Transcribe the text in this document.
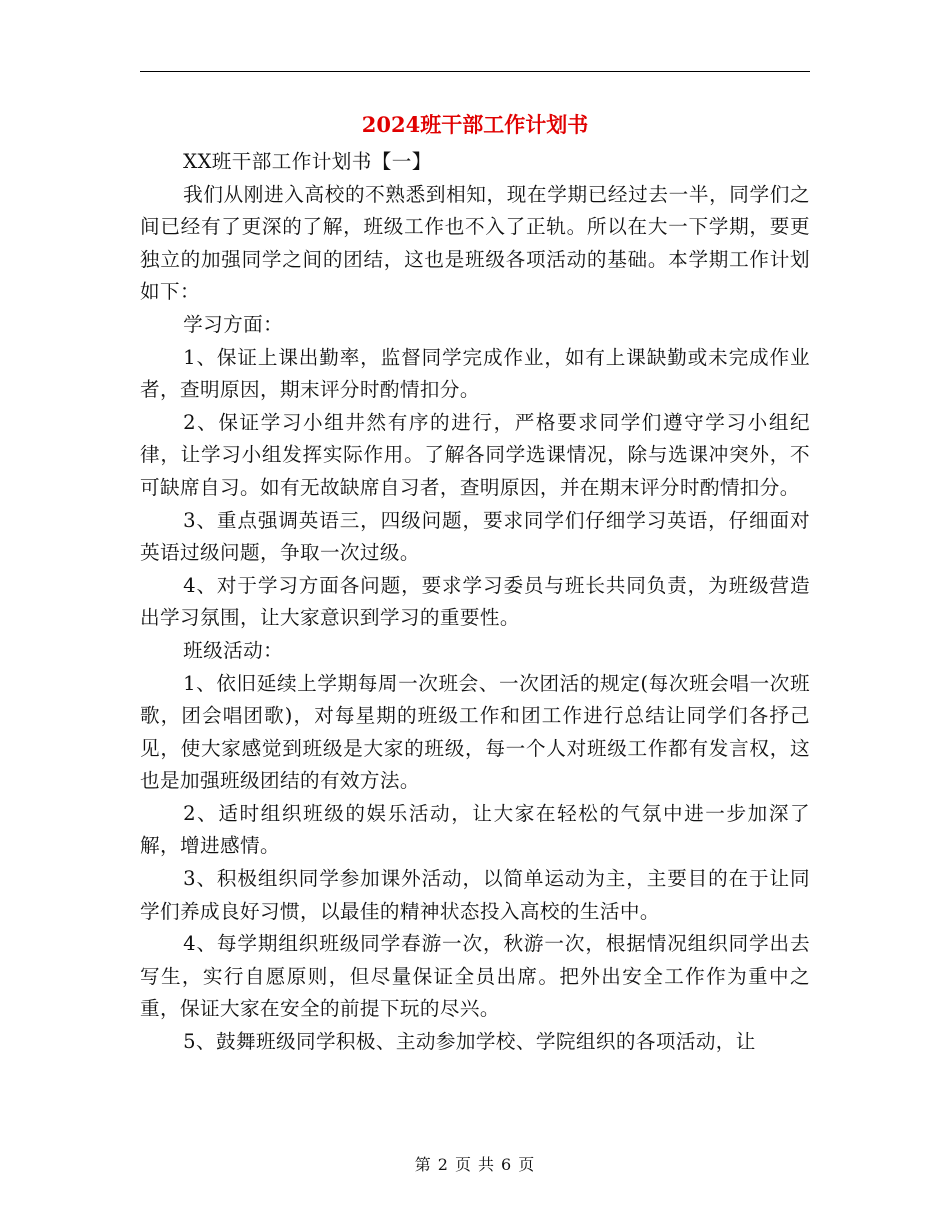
2024班干部工作计划书

XX班干部工作计划书【一】

我们从刚进入高校的不熟悉到相知，现在学期已经过去一半，同学们之间已经有了更深的了解，班级工作也不入了正轨。所以在大一下学期，要更独立的加强同学之间的团结，这也是班级各项活动的基础。本学期工作计划如下：

学习方面：

1、保证上课出勤率，监督同学完成作业，如有上课缺勤或未完成作业者，查明原因，期末评分时酌情扣分。

2、保证学习小组井然有序的进行，严格要求同学们遵守学习小组纪律，让学习小组发挥实际作用。了解各同学选课情况，除与选课冲突外，不可缺席自习。如有无故缺席自习者，查明原因，并在期末评分时酌情扣分。

3、重点强调英语三，四级问题，要求同学们仔细学习英语，仔细面对英语过级问题，争取一次过级。

4、对于学习方面各问题，要求学习委员与班长共同负责，为班级营造出学习氛围，让大家意识到学习的重要性。

班级活动：

1、依旧延续上学期每周一次班会、一次团活的规定(每次班会唱一次班歌，团会唱团歌)，对每星期的班级工作和团工作进行总结让同学们各抒己见，使大家感觉到班级是大家的班级，每一个人对班级工作都有发言权，这也是加强班级团结的有效方法。

2、适时组织班级的娱乐活动，让大家在轻松的气氛中进一步加深了解，增进感情。

3、积极组织同学参加课外活动，以简单运动为主，主要目的在于让同学们养成良好习惯，以最佳的精神状态投入高校的生活中。

4、每学期组织班级同学春游一次，秋游一次，根据情况组织同学出去写生，实行自愿原则，但尽量保证全员出席。把外出安全工作作为重中之重，保证大家在安全的前提下玩的尽兴。

5、鼓舞班级同学积极、主动参加学校、学院组织的各项活动，让

第 2 页 共 6 页
